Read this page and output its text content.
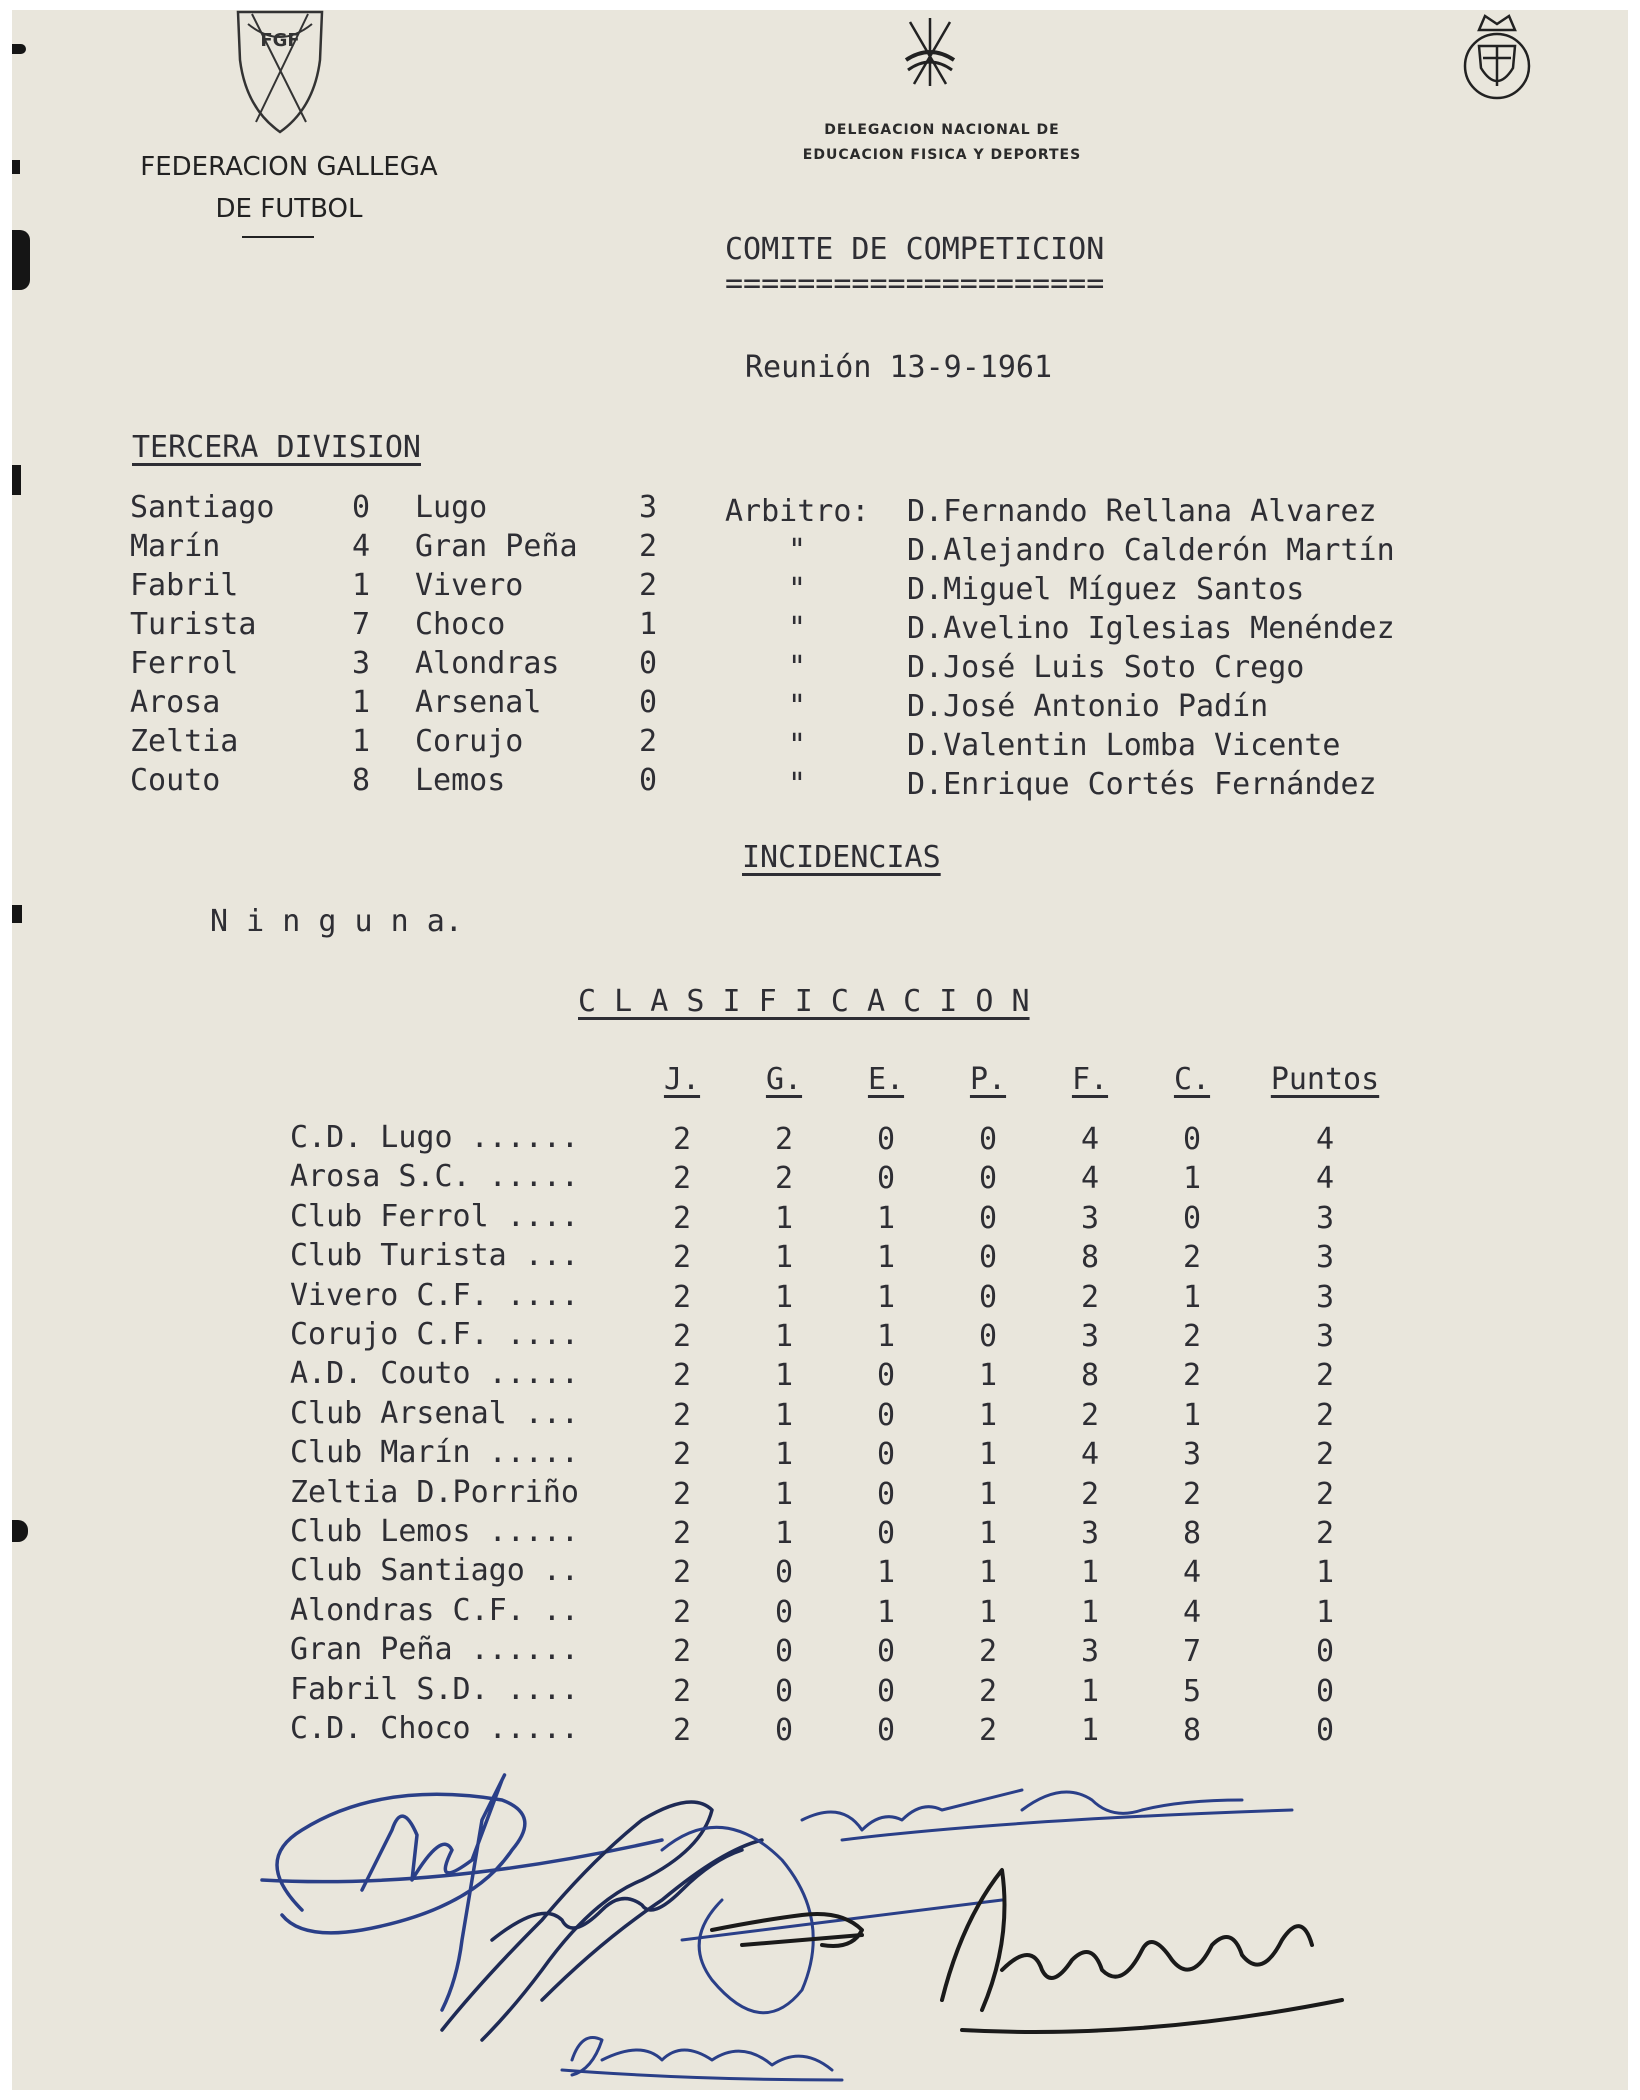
FGF
FEDERACION GALLEGA
DE FUTBOL
DELEGACION NACIONAL DE
EDUCACION FISICA Y DEPORTES
COMITE DE COMPETICION
=====================
Reunión 13-9-1961
TERCERA DIVISION
Santiago	0 Lugo	3 Arbitro: D.Fernando Rellana Alvarez
Marín	4 Gran Peña 2	"	D.Alejandro Calderón Martín
Fabril	1 Vivero	2	"	D.Miguel Míguez Santos
Turista	7 Choco	1	"	D.Avelino Iglesias Menéndez
Ferrol	3 Alondras	0	"	D.José Luis Soto Crego
Arosa	1 Arsenal	0	"	D.José Antonio Padín
Zeltia	1 Corujo	2	"	D.Valentin Lomba Vicente
Couto	8 Lemos	0	"	D.Enrique Cortés Fernández
INCIDENCIAS
N i n g u n a.
C L A S I F I C A C I O N
J.	G.	E.	P.	F.	C.	Puntos
C.D. Lugo ......	2	2	0	0	4	0	4
Arosa S.C. .....	2	2	0	0	4	1	4
Club Ferrol ....	2	1	1	0	3	0	3
Club Turista ...	2	1	1	0	8	2	3
Vivero C.F. ....	2	1	1	0	2	1	3
Corujo C.F. ....	2	1	1	0	3	2	3
A.D. Couto .....	2	1	0	1	8	2	2
Club Arsenal ...	2	1	0	1	2	1	2
Club Marín .....	2	1	0	1	4	3	2
Zeltia D.Porriño	2	1	0	1	2	2	2
Club Lemos .....	2	1	0	1	3	8	2
Club Santiago ..	2	0	1	1	1	4	1
Alondras C.F. ..	2	0	1	1	1	4	1
Gran Peña ......	2	0	0	2	3	7	0
Fabril S.D. ....	2	0	0	2	1	5	0
C.D. Choco .....	2	0	0	2	1	8	0
